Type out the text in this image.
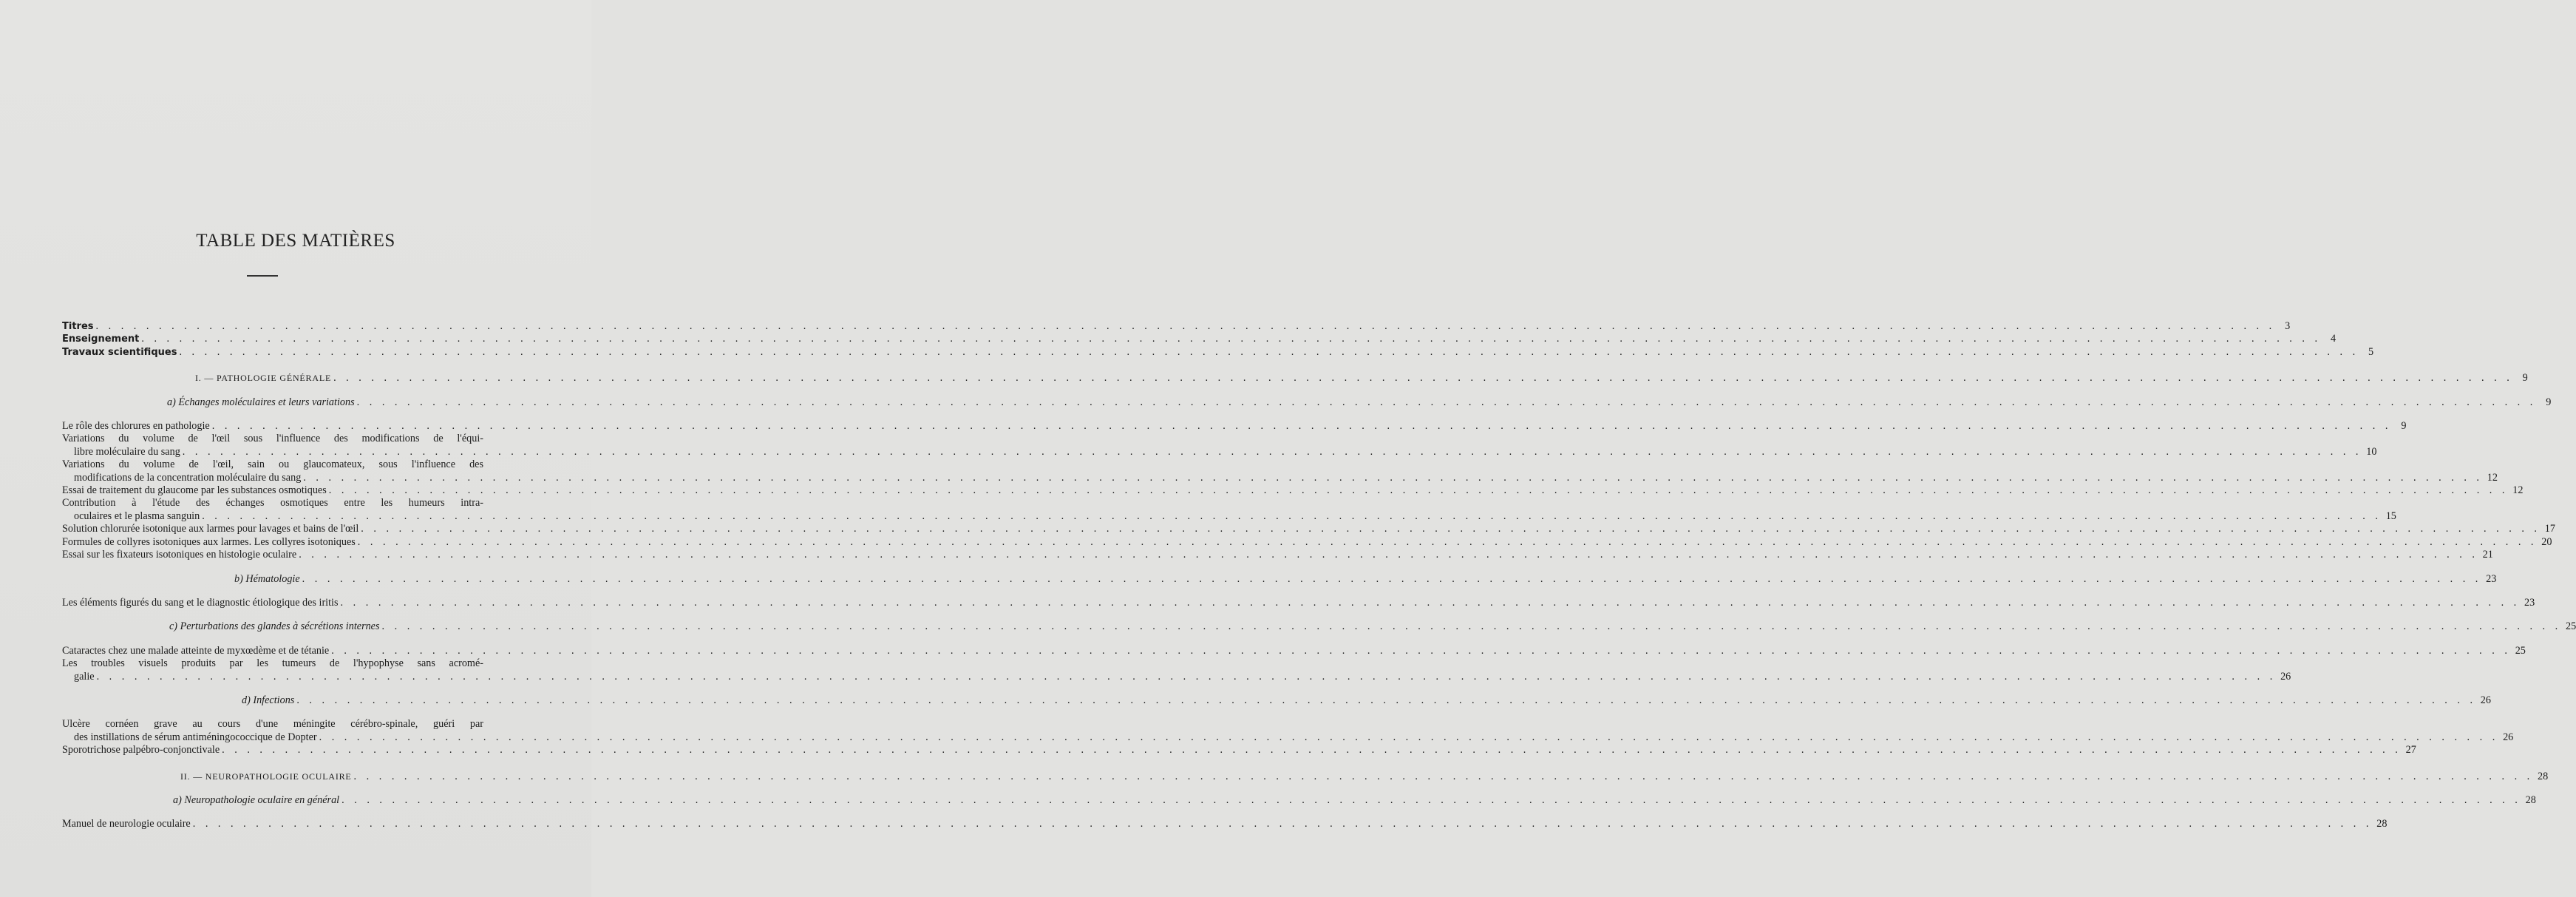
TABLE DES MATIÈRES
Titres . . .	3
Enseignement . . .	4
Travaux scientifiques . . .	5
I. — PATHOLOGIE GÉNÉRALE . . .	9
a) Échanges moléculaires et leurs variations . . .	9
Le rôle des chlorures en pathologie . . .	9
Variations du volume de l'œil sous l'influence des modifications de l'équi-
libre moléculaire du sang . . .	10
Variations du volume de l'œil, sain ou glaucomateux, sous l'influence des
modifications de la concentration moléculaire du sang . . .	12
Essai de traitement du glaucome par les substances osmotiques . . .	12
Contribution à l'étude des échanges osmotiques entre les humeurs intra-
oculaires et le plasma sanguin . . .	15
Solution chlorurée isotonique aux larmes pour lavages et bains de l'œil . . .	17
Formules de collyres isotoniques aux larmes. Les collyres isotoniques . . .	20
Essai sur les fixateurs isotoniques en histologie oculaire . . .	21
b) Hématologie . . .	23
Les éléments figurés du sang et le diagnostic étiologique des iritis . . .	23
c) Perturbations des glandes à sécrétions internes . . .	25
Cataractes chez une malade atteinte de myxœdème et de tétanie . . .	25
Les troubles visuels produits par les tumeurs de l'hypophyse sans acromé-
galie . . .	26
d) Infections . . .	26
Ulcère cornéen grave au cours d'une méningite cérébro-spinale, guéri par
des instillations de sérum antiméningococcique de Dopter . . .	26
Sporotrichose palpébro-conjonctivale . . .	27
II. — NEUROPATHOLOGIE OCULAIRE . . .	28
a) Neuropathologie oculaire en général . . .	28
Manuel de neurologie oculaire . . .	28
